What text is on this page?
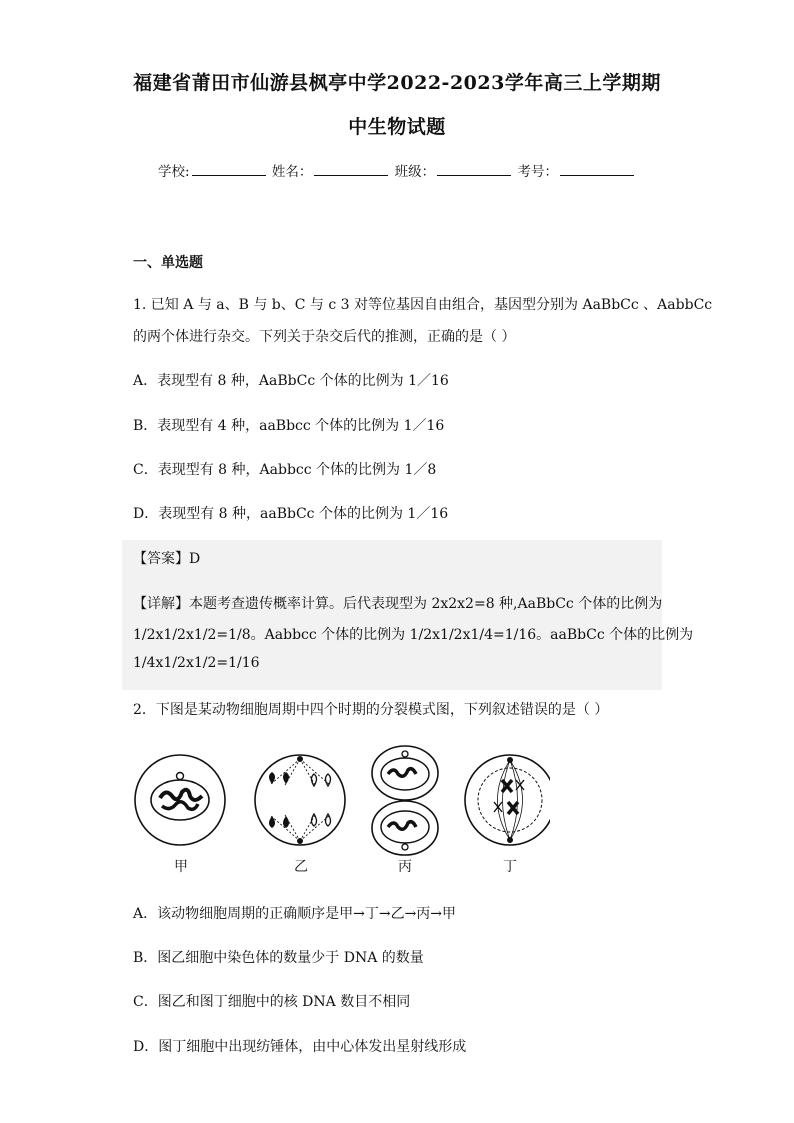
福建省莆田市仙游县枫亭中学2022-2023学年高三上学期期
中生物试题
学校:	姓名：	班级：	考号：
一、单选题
1. 已知 A 与 a、B 与 b、C 与 c 3 对等位基因自由组合，基因型分别为 AaBbCc 、AabbCc
的两个体进行杂交。下列关于杂交后代的推测，正确的是（ ）
A．表现型有 8 种，AaBbCc 个体的比例为 1／16
B．表现型有 4 种，aaBbcc 个体的比例为 1／16
C．表现型有 8 种，Aabbcc 个体的比例为 1／8
D．表现型有 8 种，aaBbCc 个体的比例为 1／16
【答案】D
【详解】本题考查遗传概率计算。后代表现型为 2x2x2=8 种,AaBbCc 个体的比例为
1/2x1/2x1/2=1/8。Aabbcc 个体的比例为 1/2x1/2x1/4=1/16。aaBbCc 个体的比例为
1/4x1/2x1/2=1/16
2．下图是某动物细胞周期中四个时期的分裂模式图，下列叙述错误的是（ ）
甲	乙	丙	丁
A．该动物细胞周期的正确顺序是甲→丁→乙→丙→甲
B．图乙细胞中染色体的数量少于 DNA 的数量
C．图乙和图丁细胞中的核 DNA 数目不相同
D．图丁细胞中出现纺锤体，由中心体发出星射线形成
